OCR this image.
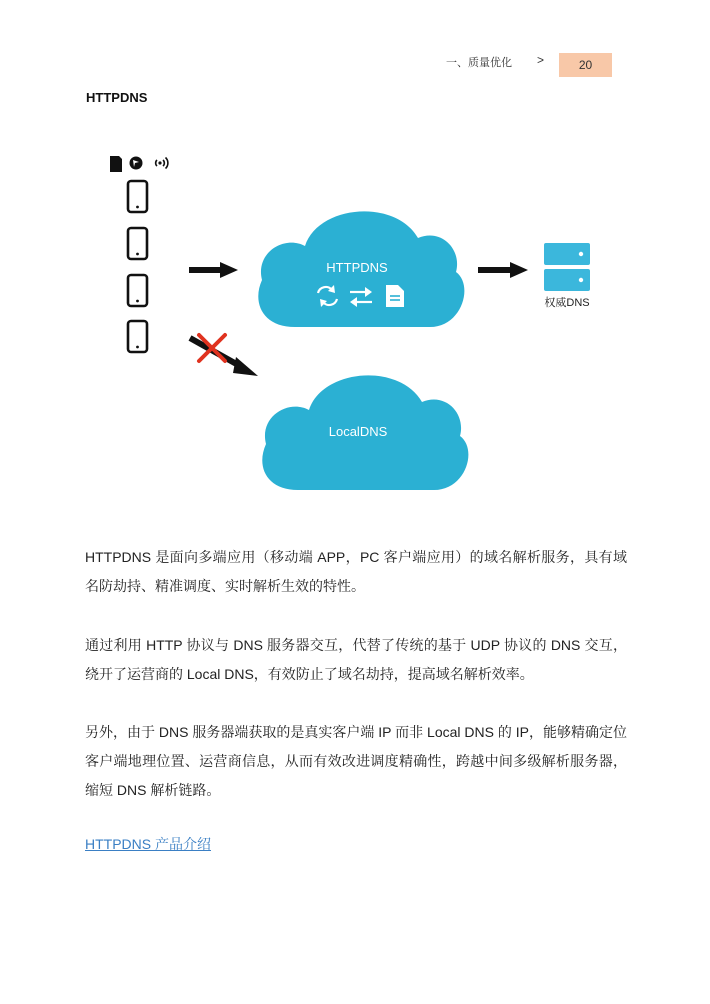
一、质量优化 >	20
HTTPDNS
HTTPDNS
权威DNS
LocalDNS

HTTPDNS 是面向多端应用（移动端 APP，PC 客户端应用）的域名解析服务，具有域名防劫持、精准调度、实时解析生效的特性。

通过利用 HTTP 协议与 DNS 服务器交互，代替了传统的基于 UDP 协议的 DNS 交互，绕开了运营商的 Local DNS，有效防止了域名劫持，提高域名解析效率。

另外，由于 DNS 服务器端获取的是真实客户端 IP 而非 Local DNS 的 IP，能够精确定位客户端地理位置、运营商信息，从而有效改进调度精确性，跨越中间多级解析服务器，缩短 DNS 解析链路。

HTTPDNS 产品介绍
